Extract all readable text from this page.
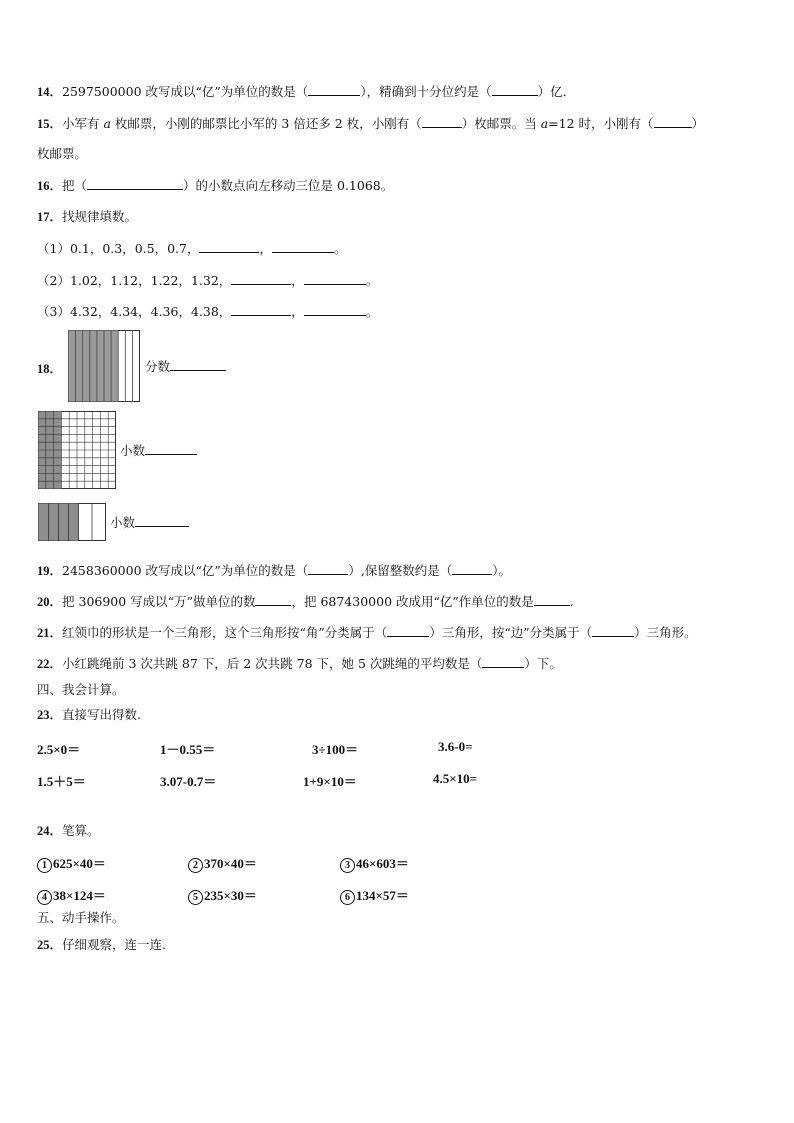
14．2597500000 改写成以“亿”为单位的数是（	），精确到十分位约是（	）亿．
15．小军有 a 枚邮票，小刚的邮票比小军的 3 倍还多 2 枚，小刚有（	）枚邮票。当 a=12 时，小刚有（	）
枚邮票。
16．把（	）的小数点向左移动三位是 0.1068。
17．找规律填数。
（1）0.1，0.3，0.5，0.7，	，	。
（2）1.02，1.12，1.22，1.32，	，	。
（3）4.32，4.34，4.36，4.38，	，	。
18．	分数
小数
小数
19．2458360000 改写成以“亿”为单位的数是（	）,保留整数约是（	）。
20．把 306900 写成以“万”做单位的数	，把 687430000 改成用“亿”作单位的数是	.
21．红领巾的形状是一个三角形，这个三角形按“角”分类属于（	）三角形，按“边”分类属于（	）三角形。
22．小红跳绳前 3 次共跳 87 下，后 2 次共跳 78 下，她 5 次跳绳的平均数是（	）下。
四、我会计算。
23．直接写出得数.
2.5×0＝	1－0.55＝	3÷100＝	3.6-0=
1.5＋5＝	3.07-0.7＝	1+9×10＝	4.5×10=
24．笔算。
1 625×40＝	2 370×40＝	3 46×603＝
4 38×124＝	5 235×30＝	6 134×57＝
五、动手操作。
25．仔细观察，连一连.
